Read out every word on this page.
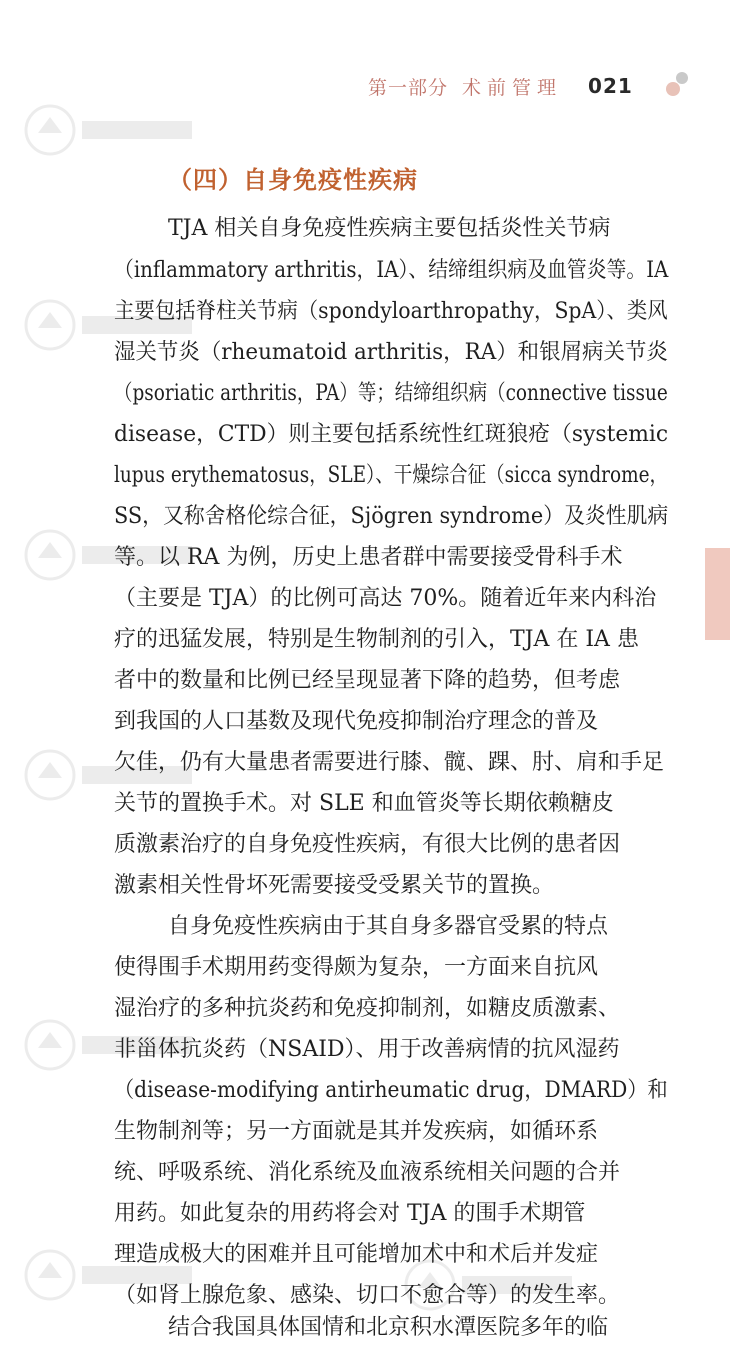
第一部分 术前管理 021
（四）自身免疫性疾病
TJA 相关自身免疫性疾病主要包括炎性关节病
（inflammatory arthritis，IA）、结缔组织病及血管炎等。IA
主要包括脊柱关节病（spondyloarthropathy，SpA）、类风
湿关节炎（rheumatoid arthritis，RA）和银屑病关节炎
（psoriatic arthritis，PA）等；结缔组织病（connective tissue
disease，CTD）则主要包括系统性红斑狼疮（systemic
lupus erythematosus，SLE）、干燥综合征（sicca syndrome，
SS，又称舍格伦综合征，Sjögren syndrome）及炎性肌病
等。以 RA 为例，历史上患者群中需要接受骨科手术
（主要是 TJA）的比例可高达 70%。随着近年来内科治
疗的迅猛发展，特别是生物制剂的引入，TJA 在 IA 患
者中的数量和比例已经呈现显著下降的趋势，但考虑
到我国的人口基数及现代免疫抑制治疗理念的普及
欠佳，仍有大量患者需要进行膝、髋、踝、肘、肩和手足
关节的置换手术。对 SLE 和血管炎等长期依赖糖皮
质激素治疗的自身免疫性疾病，有很大比例的患者因
激素相关性骨坏死需要接受受累关节的置换。
自身免疫性疾病由于其自身多器官受累的特点
使得围手术期用药变得颇为复杂，一方面来自抗风
湿治疗的多种抗炎药和免疫抑制剂，如糖皮质激素、
非甾体抗炎药（NSAID）、用于改善病情的抗风湿药
（disease-modifying antirheumatic drug，DMARD）和
生物制剂等；另一方面就是其并发疾病，如循环系
统、呼吸系统、消化系统及血液系统相关问题的合并
用药。如此复杂的用药将会对 TJA 的围手术期管
理造成极大的困难并且可能增加术中和术后并发症
（如肾上腺危象、感染、切口不愈合等）的发生率。
结合我国具体国情和北京积水潭医院多年的临
